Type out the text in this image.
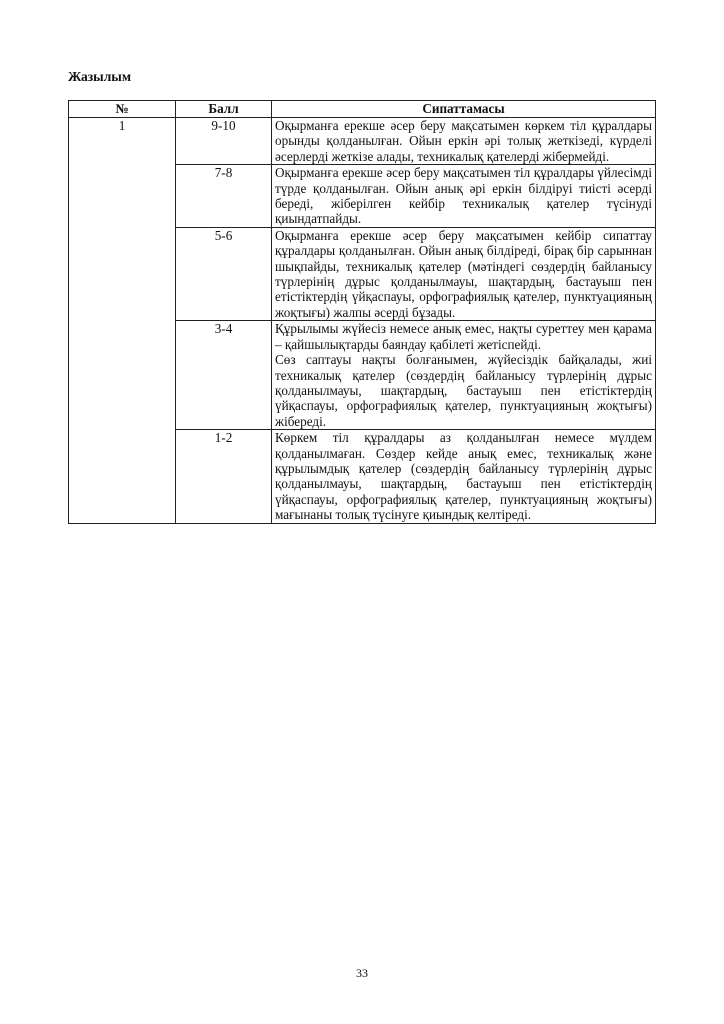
Жазылым
№	Балл	Сипаттамасы
1	9-10	Оқырманға ерекше әсер беру мақсатымен көркем тіл құралдары орынды қолданылған. Ойын еркін әрі толық жеткізеді, күрделі әсерлерді жеткізе алады, техникалық қателерді жібермейді.

	7-8	Оқырманға ерекше әсер беру мақсатымен тіл құралдары үйлесімді түрде қолданылған. Ойын анық әрі еркін білдіруі тиісті әсерді береді, жіберілген кейбір техникалық қателер түсінуді қиындатпайды.

	5-6	Оқырманға ерекше әсер беру мақсатымен кейбір сипаттау құралдары қолданылған. Ойын анық білдіреді, бірақ бір сарыннан шықпайды, техникалық қателер (мәтіндегі сөздердің байланысу түрлерінің дұрыс қолданылмауы, шақтардың, бастауыш пен етістіктердің үйқаспауы, орфографиялық қателер, пунктуацияның жоқтығы) жалпы әсерді бұзады.

	3-4	Құрылымы жүйесіз немесе анық емес, нақты суреттеу мен қарама – қайшылықтарды баяндау қабілеті жетіспейді.

Сөз саптауы нақты болғанымен, жүйесіздік байқалады, жиі техникалық қателер (сөздердің байланысу түрлерінің дұрыс қолданылмауы, шақтардың, бастауыш пен етістіктердің үйқаспауы, орфографиялық қателер, пунктуацияның жоқтығы) жібереді.

	1-2	Көркем тіл құралдары аз қолданылған немесе мүлдем қолданылмаған. Сөздер кейде анық емес, техникалық және құрылымдық қателер (сөздердің байланысу түрлерінің дұрыс қолданылмауы, шақтардың, бастауыш пен етістіктердің үйқаспауы, орфографиялық қателер, пунктуацияның жоқтығы) мағынаны толық түсінуге қиындық келтіреді.

33
